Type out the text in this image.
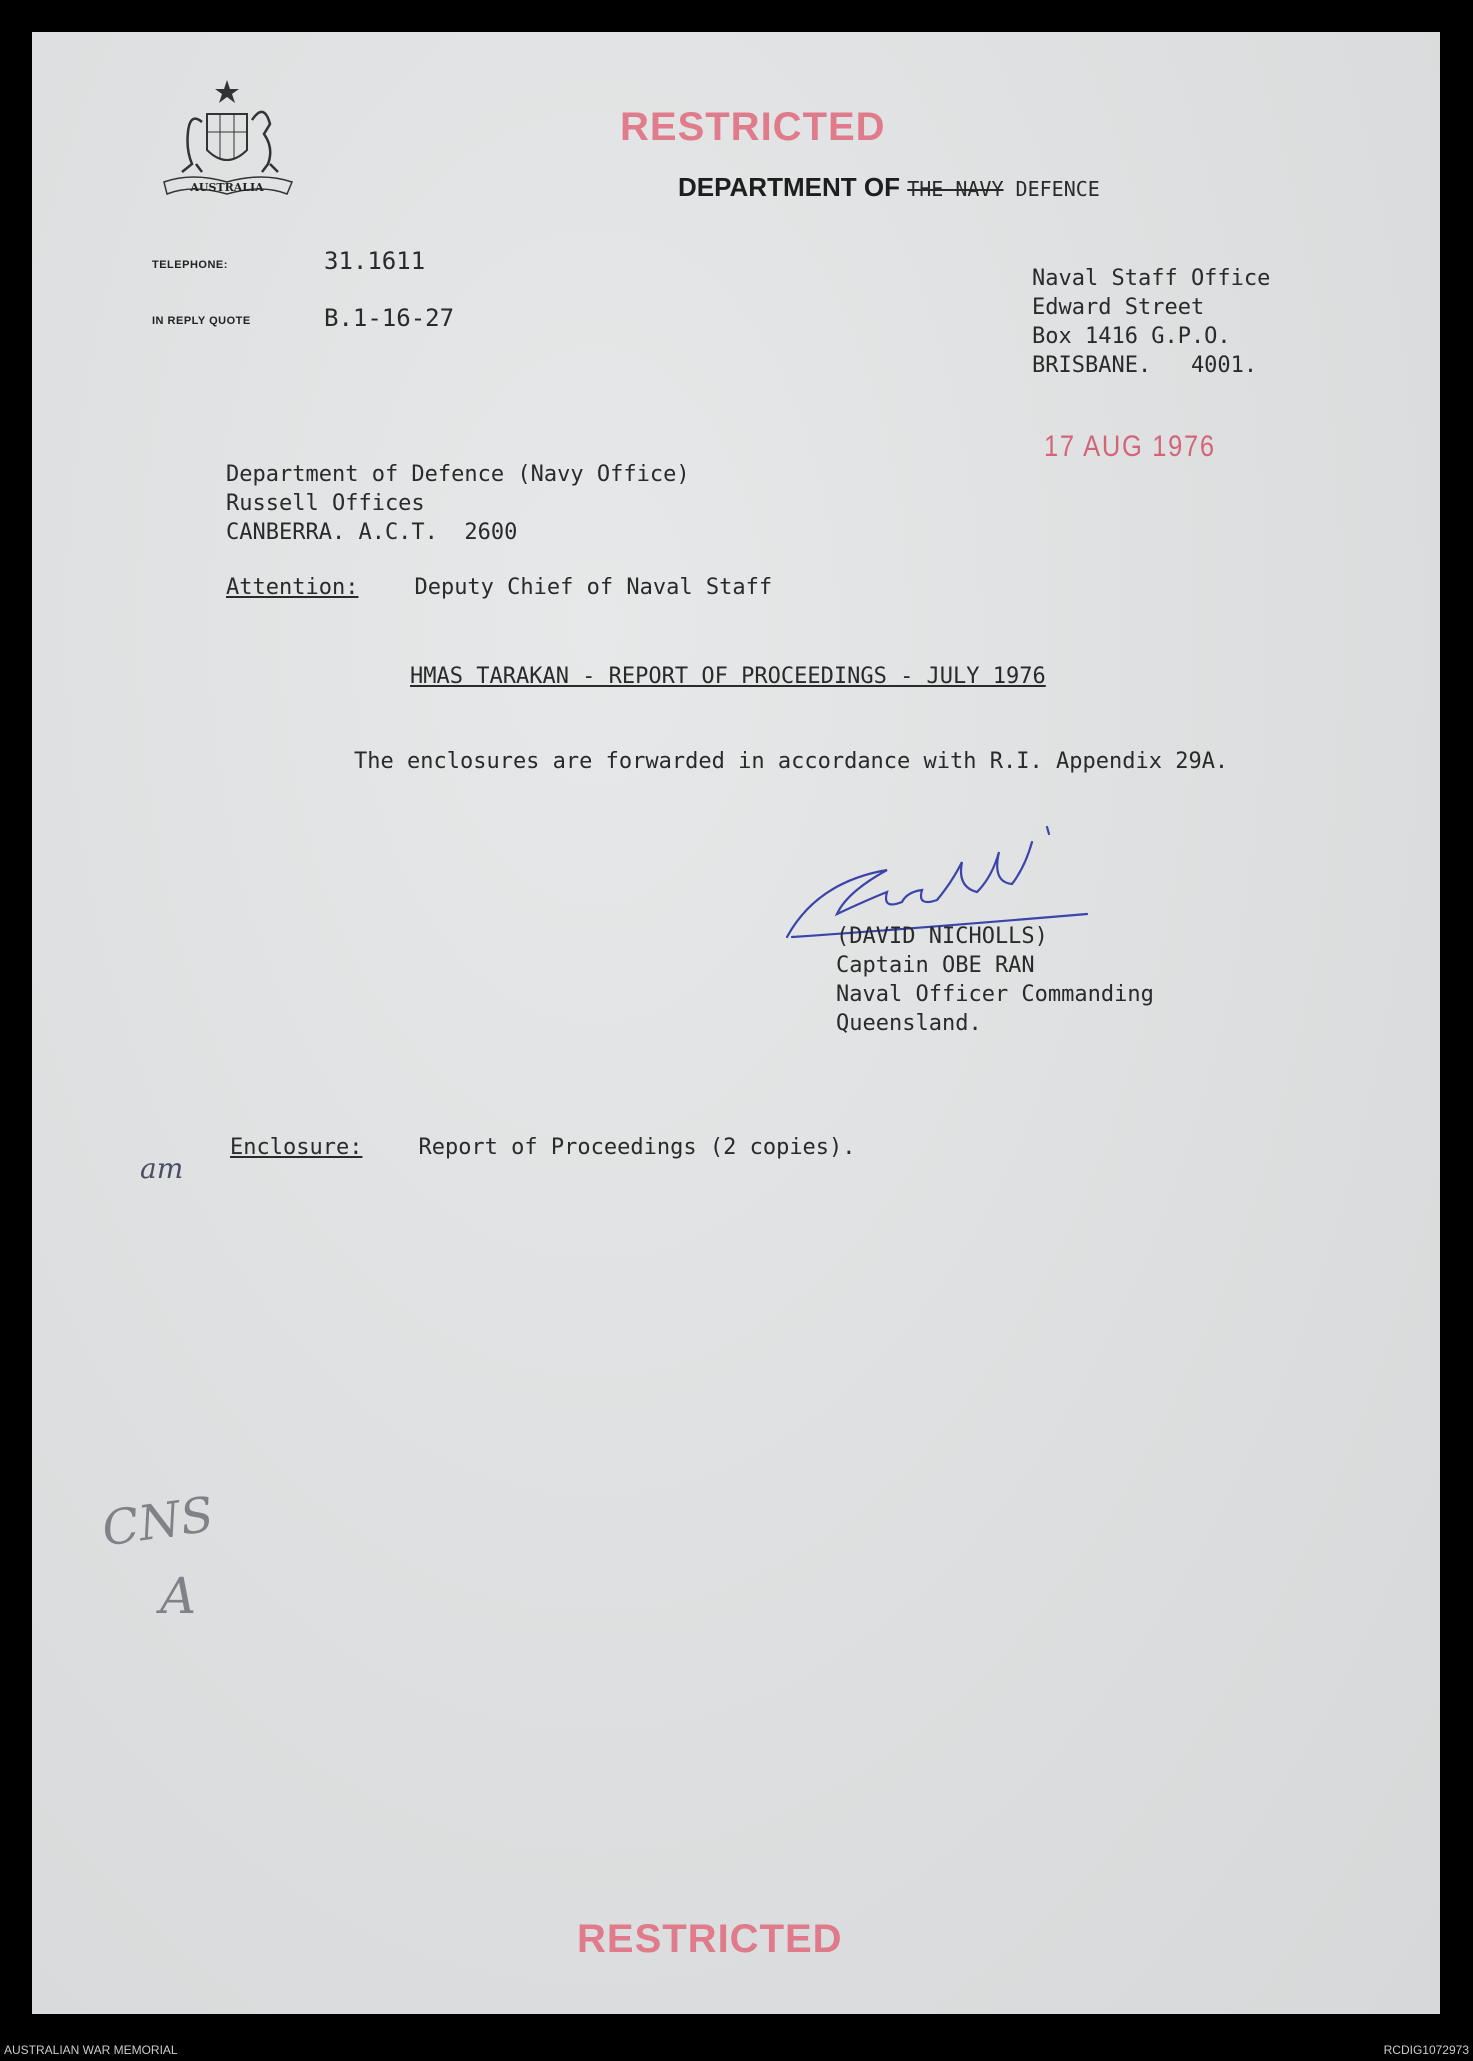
AUSTRALIA
RESTRICTED
DEPARTMENT OF THE NAVY DEFENCE
TELEPHONE:	31.1611
IN REPLY QUOTE	B.1-16-27
Naval Staff Office
Edward Street
Box 1416 G.P.O.
BRISBANE.   4001.
17 AUG 1976
Department of Defence (Navy Office)
Russell Offices
CANBERRA. A.C.T.  2600
Attention:	Deputy Chief of Naval Staff
HMAS TARAKAN - REPORT OF PROCEEDINGS - JULY 1976
The enclosures are forwarded in accordance with R.I. Appendix 29A.
(DAVID NICHOLLS)
Captain OBE RAN
Naval Officer Commanding
Queensland.
Enclosure:	Report of Proceedings (2 copies).
am
CNS
A
RESTRICTED
AUSTRALIAN WAR MEMORIAL	RCDIG1072973
